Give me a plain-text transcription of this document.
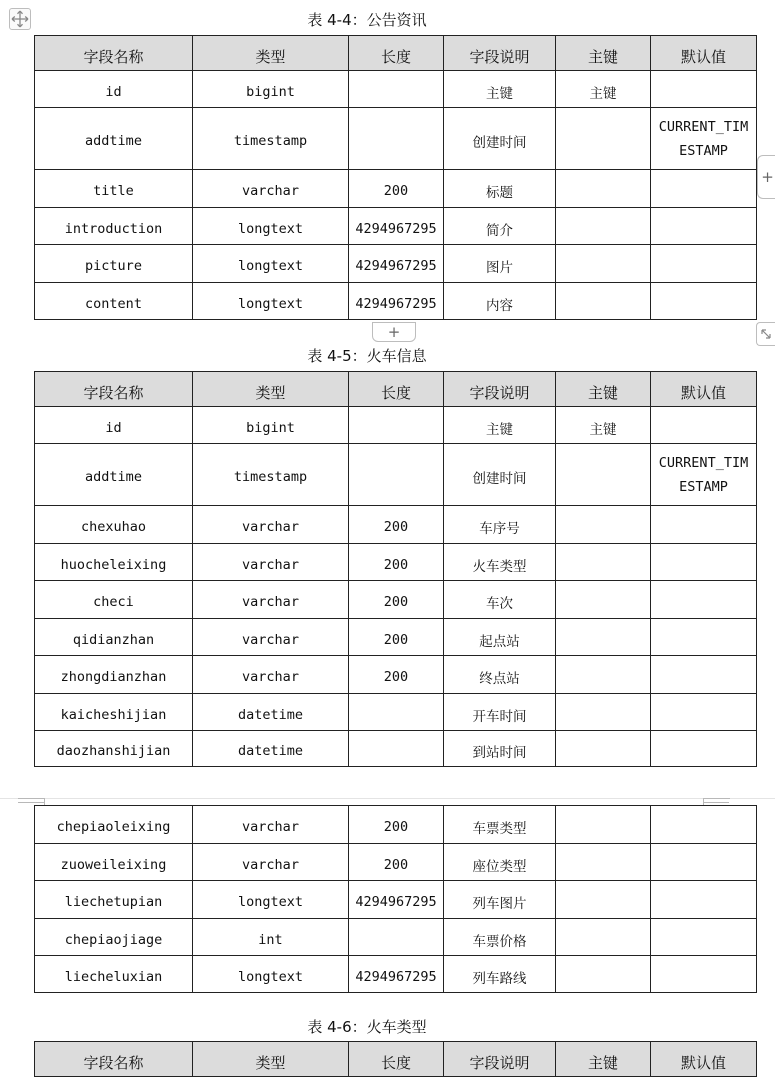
表 4-4：公告资讯
字段名称	类型	长度	字段说明	主键	默认值
id	bigint		主键	主键	
addtime	timestamp		创建时间		CURRENT_TIMESTAMP
title	varchar	200	标题		
introduction	longtext	4294967295	简介		
picture	longtext	4294967295	图片		
content	longtext	4294967295	内容		
+
+
表 4-5：火车信息
字段名称	类型	长度	字段说明	主键	默认值
id	bigint		主键	主键	
addtime	timestamp		创建时间		CURRENT_TIMESTAMP
chexuhao	varchar	200	车序号		
huocheleixing	varchar	200	火车类型		
checi	varchar	200	车次		
qidianzhan	varchar	200	起点站		
zhongdianzhan	varchar	200	终点站		
kaicheshijian	datetime		开车时间		
daozhanshijian	datetime		到站时间		
chepiaoleixing	varchar	200	车票类型		
zuoweileixing	varchar	200	座位类型		
liechetupian	longtext	4294967295	列车图片		
chepiaojiage	int		车票价格		
liecheluxian	longtext	4294967295	列车路线		
表 4-6：火车类型
字段名称	类型	长度	字段说明	主键	默认值
